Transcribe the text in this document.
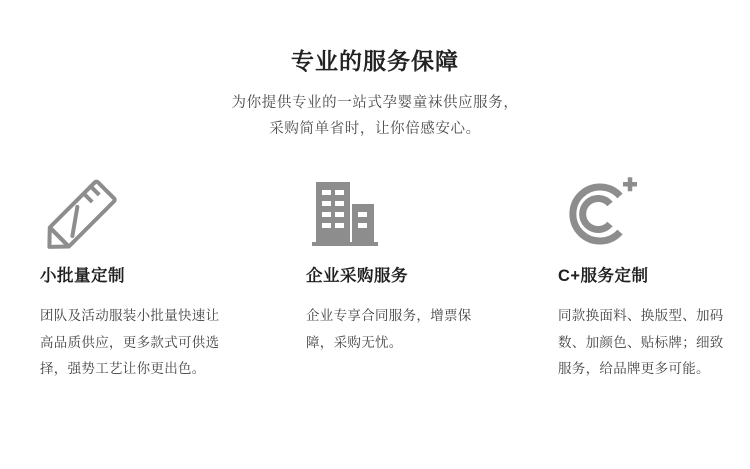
专业的服务保障
为你提供专业的一站式孕婴童袜供应服务，
采购简单省时，让你倍感安心。
小批量定制
团队及活动服装小批量快速让高品质供应，更多款式可供选择，强势工艺让你更出色。
企业采购服务
企业专享合同服务，增票保障，采购无忧。
C+服务定制
同款换面料、换版型、加码数、加颜色、贴标牌；细致服务，给品牌更多可能。
